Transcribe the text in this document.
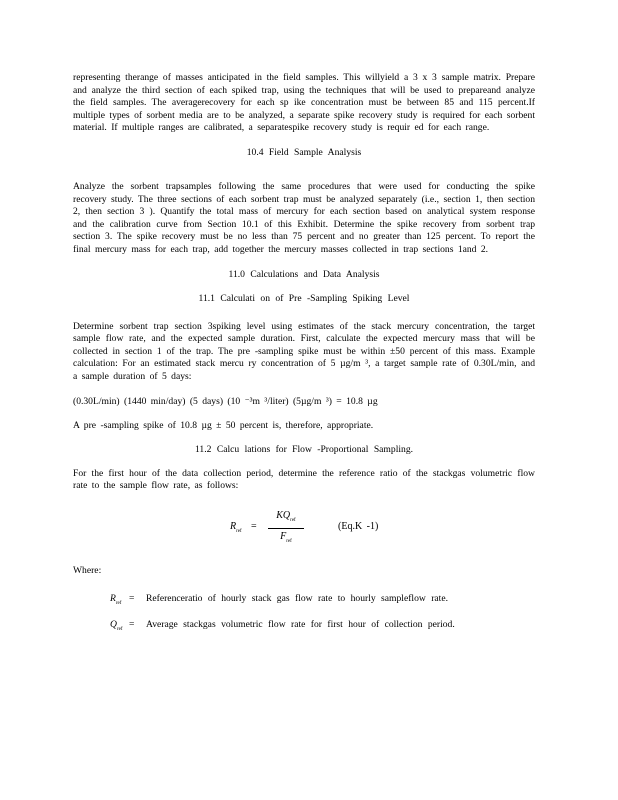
representing therange of masses anticipated in the field samples. This willyield a 3 x 3 sample matrix. Prepare and analyze the third section of each spiked trap, using the techniques that will be used to prepareand analyze the field samples. The averagerecovery for each sp ike concentration must be between 85 and 115 percent.If multiple types of sorbent media are to be analyzed, a separate spike recovery study is required for each sorbent material. If multiple ranges are calibrated, a separatespike recovery study is requir ed for each range.

10.4 Field Sample Analysis

Analyze the sorbent trapsamples following the same procedures that were used for conducting the spike recovery study. The three sections of each sorbent trap must be analyzed separately (i.e., section 1, then section 2, then section 3 ). Quantify the total mass of mercury for each section based on analytical system response and the calibration curve from Section 10.1 of this Exhibit. Determine the spike recovery from sorbent trap section 3. The spike recovery must be no less than 75 percent and no greater than 125 percent. To report the final mercury mass for each trap, add together the mercury masses collected in trap sections 1and 2.

11.0 Calculations and Data Analysis

11.1 Calculati on of Pre -Sampling Spiking Level

Determine sorbent trap section 3spiking level using estimates of the stack mercury concentration, the target sample flow rate, and the expected sample duration. First, calculate the expected mercury mass that will be collected in section 1 of the trap. The pre -sampling spike must be within ±50 percent of this mass. Example calculation: For an estimated stack mercu ry concentration of 5 µg/m ³, a target sample rate of 0.30L/min, and a sample duration of 5 days:

(0.30L/min) (1440 min/day) (5 days) (10 ⁻³m ³/liter) (5µg/m ³) = 10.8 µg

A pre -sampling spike of 10.8 µg ± 50 percent is, therefore, appropriate.

11.2 Calcu lations for Flow -Proportional Sampling.

For the first hour of the data collection period, determine the reference ratio of the stackgas volumetric flow rate to the sample flow rate, as follows:

$R_{ref}$ =
$KQ_{ref}$
$F_{ref}$
(Eq.K -1)

Where:

$R_{ref}$ = Referenceratio of hourly stack gas flow rate to hourly sampleflow rate.
$Q_{ref}$ = Average stackgas volumetric flow rate for first hour of collection period.
